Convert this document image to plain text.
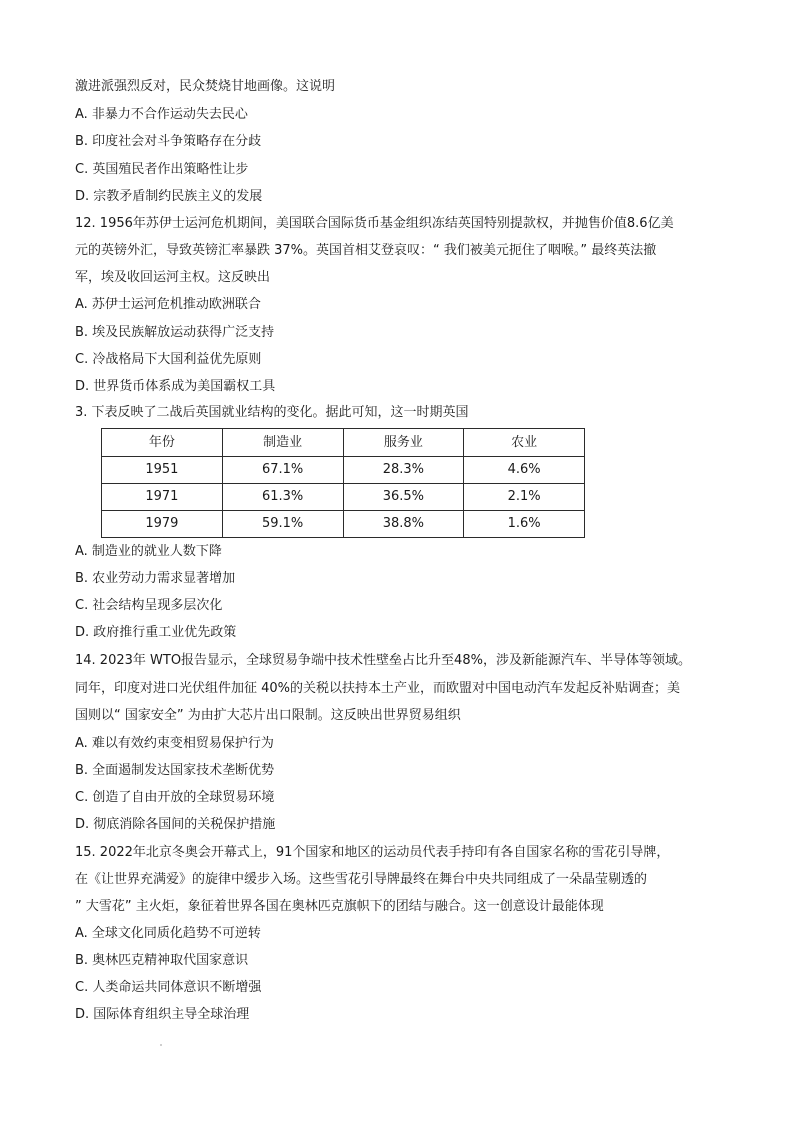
激进派强烈反对，民众焚烧甘地画像。这说明
A. 非暴力不合作运动失去民心
B. 印度社会对斗争策略存在分歧
C. 英国殖民者作出策略性让步
D. 宗教矛盾制约民族主义的发展
12. 1956年苏伊士运河危机期间，美国联合国际货币基金组织冻结英国特别提款权，并抛售价值8.6亿美
元的英镑外汇，导致英镑汇率暴跌 37%。英国首相艾登哀叹：“ 我们被美元扼住了咽喉。” 最终英法撤
军，埃及收回运河主权。这反映出
A. 苏伊士运河危机推动欧洲联合
B. 埃及民族解放运动获得广泛支持
C. 冷战格局下大国利益优先原则
D. 世界货币体系成为美国霸权工具
3. 下表反映了二战后英国就业结构的变化。据此可知，这一时期英国
年份	制造业	服务业	农业
1951	67.1%	28.3%	4.6%
1971	61.3%	36.5%	2.1%
1979	59.1%	38.8%	1.6%
A. 制造业的就业人数下降
B. 农业劳动力需求显著增加
C. 社会结构呈现多层次化
D. 政府推行重工业优先政策
14. 2023年 WTO报告显示，全球贸易争端中技术性壁垒占比升至48%，涉及新能源汽车、半导体等领域。
同年，印度对进口光伏组件加征 40%的关税以扶持本土产业，而欧盟对中国电动汽车发起反补贴调查；美
国则以“ 国家安全” 为由扩大芯片出口限制。这反映出世界贸易组织
A. 难以有效约束变相贸易保护行为
B. 全面遏制发达国家技术垄断优势
C. 创造了自由开放的全球贸易环境
D. 彻底消除各国间的关税保护措施
15. 2022年北京冬奥会开幕式上，91个国家和地区的运动员代表手持印有各自国家名称的雪花引导牌，
在《让世界充满爱》的旋律中缓步入场。这些雪花引导牌最终在舞台中央共同组成了一朵晶莹剔透的
” 大雪花” 主火炬，象征着世界各国在奥林匹克旗帜下的团结与融合。这一创意设计最能体现
A. 全球文化同质化趋势不可逆转
B. 奥林匹克精神取代国家意识
C. 人类命运共同体意识不断增强
D. 国际体育组织主导全球治理
